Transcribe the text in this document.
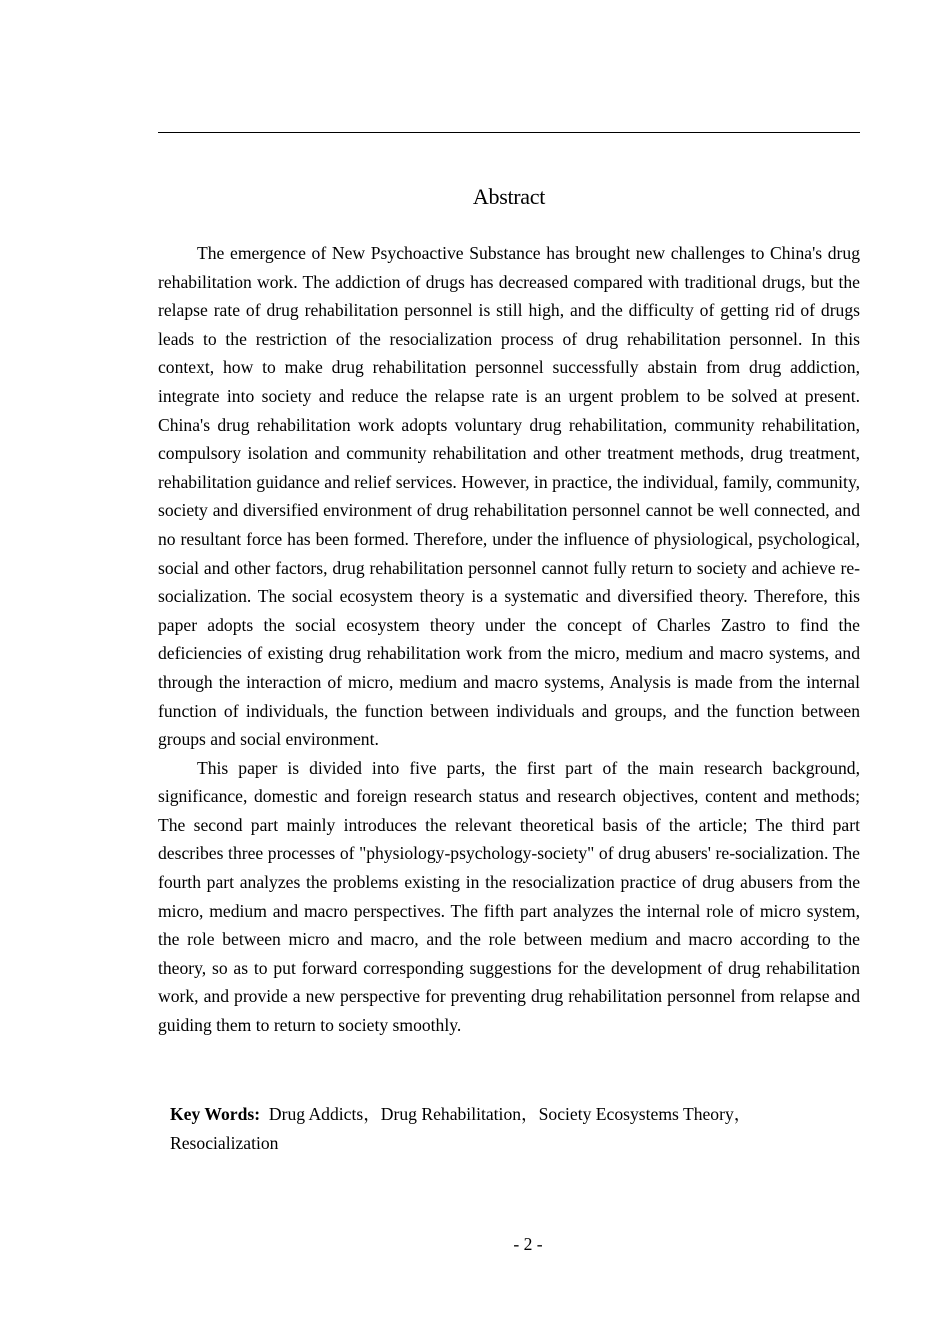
Abstract

The emergence of New Psychoactive Substance has brought new challenges to China's drug rehabilitation work. The addiction of drugs has decreased compared with traditional drugs, but the relapse rate of drug rehabilitation personnel is still high, and the difficulty of getting rid of drugs leads to the restriction of the resocialization process of drug rehabilitation personnel. In this context, how to make drug rehabilitation personnel successfully abstain from drug addiction, integrate into society and reduce the relapse rate is an urgent problem to be solved at present. China's drug rehabilitation work adopts voluntary drug rehabilitation, community rehabilitation, compulsory isolation and community rehabilitation and other treatment methods, drug treatment, rehabilitation guidance and relief services. However, in practice, the individual, family, community, society and diversified environment of drug rehabilitation personnel cannot be well connected, and no resultant force has been formed. Therefore, under the influence of physiological, psychological, social and other factors, drug rehabilitation personnel cannot fully return to society and achieve re-socialization. The social ecosystem theory is a systematic and diversified theory. Therefore, this paper adopts the social ecosystem theory under the concept of Charles Zastro to find the deficiencies of existing drug rehabilitation work from the micro, medium and macro systems, and through the interaction of micro, medium and macro systems, Analysis is made from the internal function of individuals, the function between individuals and groups, and the function between groups and social environment.

This paper is divided into five parts, the first part of the main research background, significance, domestic and foreign research status and research objectives, content and methods; The second part mainly introduces the relevant theoretical basis of the article; The third part describes three processes of "physiology-psychology-society" of drug abusers' re-socialization. The fourth part analyzes the problems existing in the resocialization practice of drug abusers from the micro, medium and macro perspectives. The fifth part analyzes the internal role of micro system, the role between micro and macro, and the role between medium and macro according to the theory, so as to put forward corresponding suggestions for the development of drug rehabilitation work, and provide a new perspective for preventing drug rehabilitation personnel from relapse and guiding them to return to society smoothly.

Key Words: Drug Addicts，Drug Rehabilitation，Society Ecosystems Theory，Resocialization
- 2 -
